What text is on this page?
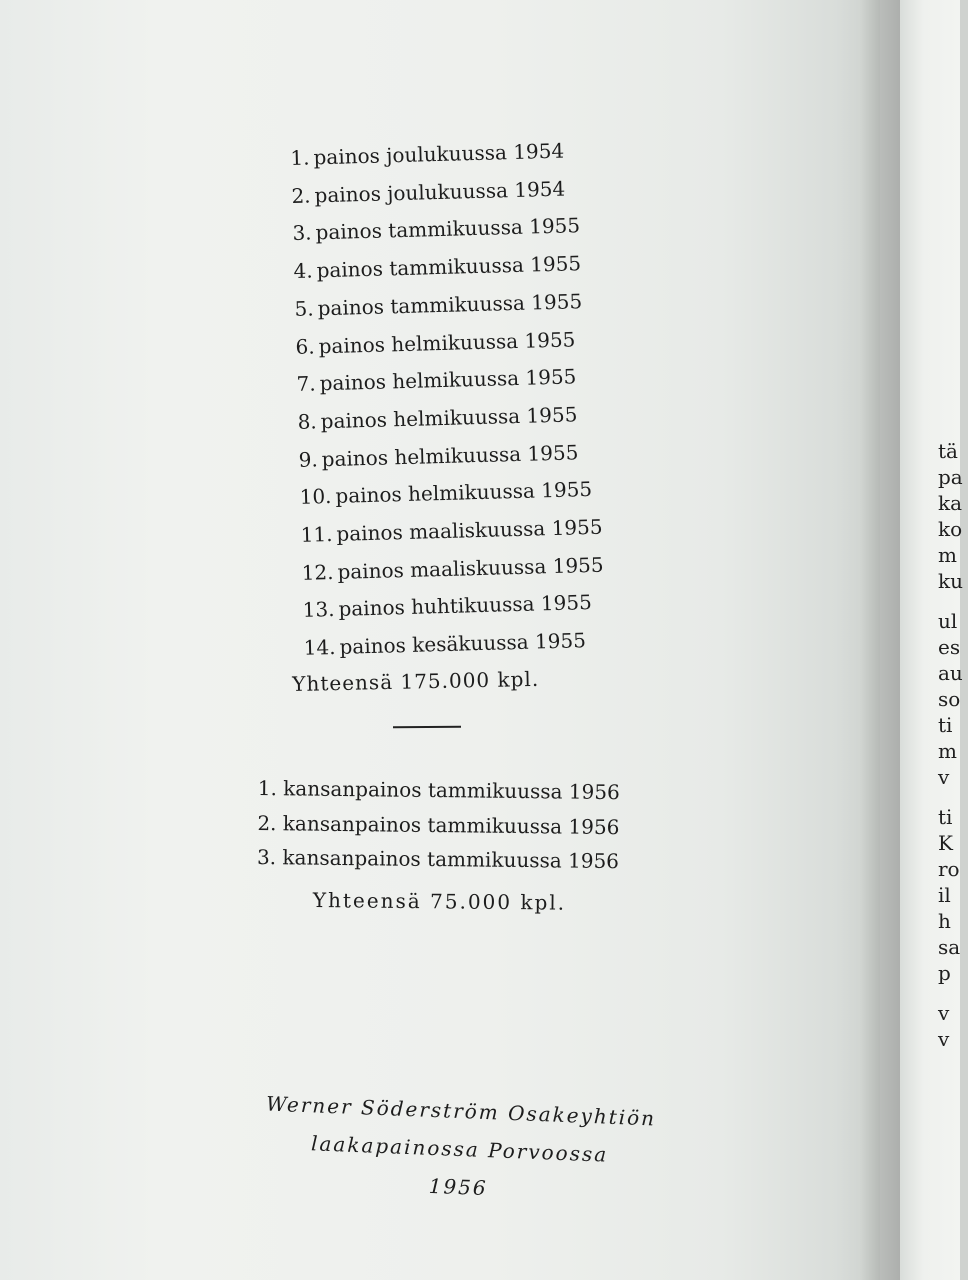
1. painos joulukuussa 1954
2. painos joulukuussa 1954
3. painos tammikuussa 1955
4. painos tammikuussa 1955
5. painos tammikuussa 1955
6. painos helmikuussa 1955
7. painos helmikuussa 1955
8. painos helmikuussa 1955
9. painos helmikuussa 1955
10. painos helmikuussa 1955
11. painos maaliskuussa 1955
12. painos maaliskuussa 1955
13. painos huhtikuussa 1955
14. painos kesäkuussa 1955
Yhteensä 175.000 kpl.
1. kansanpainos tammikuussa 1956
2. kansanpainos tammikuussa 1956
3. kansanpainos tammikuussa 1956
Yhteensä 75.000 kpl.
Werner Söderström Osakeyhtiön
laakapainossa Porvoossa
1956
tä
pa
ka
ko
m
ku
ul
es
au
so
ti
m
v
ti
K
ro
il
h
sa
p
v
v
